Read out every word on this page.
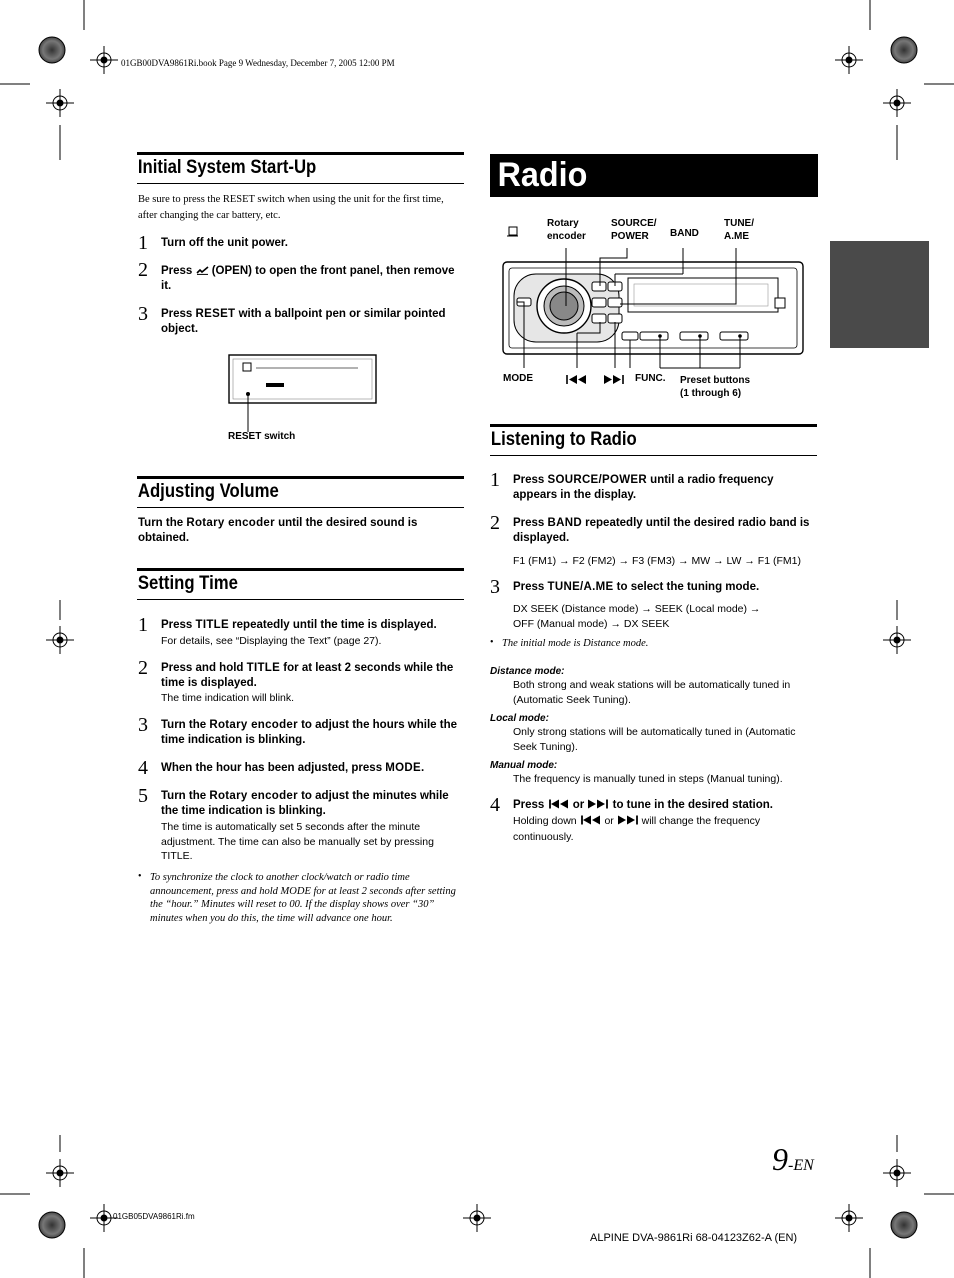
01GB00DVA9861Ri.book Page 9 Wednesday, December 7, 2005 12:00 PM
Initial System Start-Up
Be sure to press the RESET switch when using the unit for the first time, after changing the car battery, etc.
1 Turn off the unit power.
2 Press  (OPEN) to open the front panel, then remove it.
3 Press RESET with a ballpoint pen or similar pointed object.
RESET switch
Adjusting Volume
Turn the Rotary encoder until the desired sound is obtained.
Setting Time
1 Press TITLE repeatedly until the time is displayed.
For details, see “Displaying the Text” (page 27).
2 Press and hold TITLE for at least 2 seconds while the time is displayed.
The time indication will blink.
3 Turn the Rotary encoder to adjust the hours while the time indication is blinking.
4 When the hour has been adjusted, press MODE.
5 Turn the Rotary encoder to adjust the minutes while the time indication is blinking.
The time is automatically set 5 seconds after the minute adjustment. The time can also be manually set by pressing TITLE.
• To synchronize the clock to another clock/watch or radio time announcement, press and hold MODE for at least 2 seconds after setting the “hour.” Minutes will reset to 00. If the display shows over “30” minutes when you do this, the time will advance one hour.
Radio
Rotary
encoder
SOURCE/
POWER	BAND
TUNE/
A.ME
MODE	FUNC. Preset buttons
(1 through 6)
Listening to Radio
1 Press SOURCE/POWER until a radio frequency appears in the display.
2 Press BAND repeatedly until the desired radio band is displayed.
F1 (FM1) → F2 (FM2) → F3 (FM3) → MW → LW → F1 (FM1)
3 Press TUNE/A.ME to select the tuning mode.
DX SEEK (Distance mode) → SEEK (Local mode) →
OFF (Manual mode) → DX SEEK
• The initial mode is Distance mode.
Distance mode:
Both strong and weak stations will be automatically tuned in (Automatic Seek Tuning).
Local mode:
Only strong stations will be automatically tuned in (Automatic Seek Tuning).
Manual mode:
The frequency is manually tuned in steps (Manual tuning).
4 Press  or  to tune in the desired station.
Holding down  or  will change the frequency continuously.
9-EN
01GB05DVA9861Ri.fm
ALPINE DVA-9861Ri 68-04123Z62-A (EN)
